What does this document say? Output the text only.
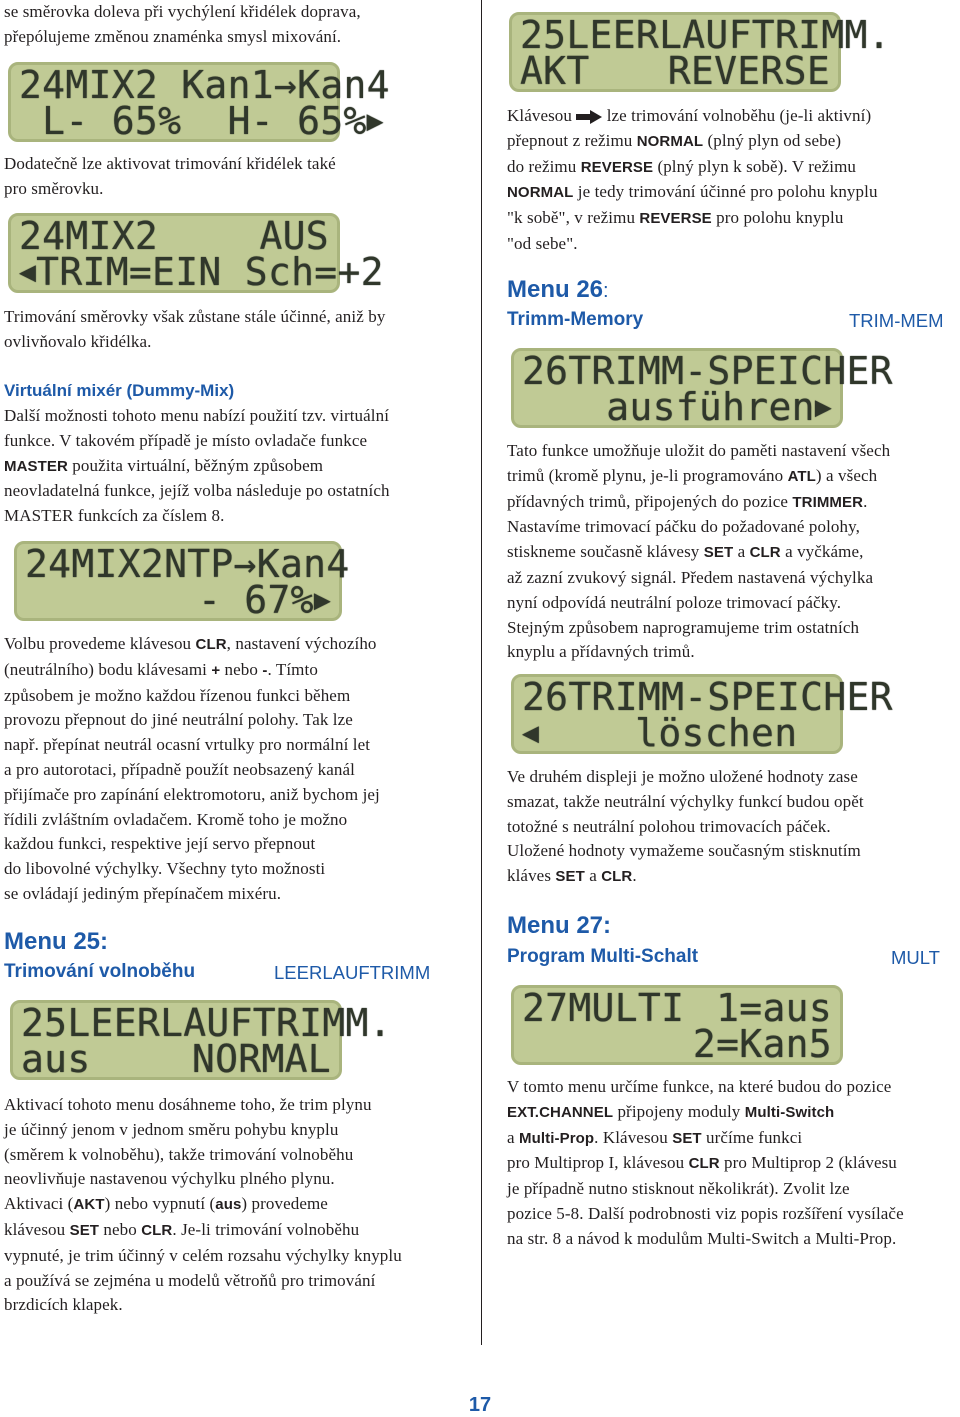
se směrovka doleva při vychýlení křidélek doprava,

přepólujeme změnou znaménka smysl mixování.

24MIX2 Kan1→Kan4
L- 65%  H- 65% ▶

Dodatečně lze aktivovat trimování křidélek také

pro směrovku.

24MIX2	AUS
◀ TRIM=EIN Sch=+2

Trimování směrovky však zůstane stále účinné, aniž by

ovlivňovalo křidélka.

Virtuální mixér (Dummy-Mix)

Další možnosti tohoto menu nabízí použití tzv. virtuální

funkce. V takovém případě je místo ovladače funkce

MASTER použita virtuální, běžným způsobem

neovladatelná funkce, jejíž volba následuje po ostatních

MASTER funkcích za číslem 8.

24MIX2 NTP→Kan4
- 67% ▶

Volbu provedeme klávesou CLR, nastavení výchozího

(neutrálního) bodu klávesami + nebo -. Tímto

způsobem je možno každou řízenou funkci během

provozu přepnout do jiné neutrální polohy. Tak lze

např. přepínat neutrál ocasní vrtulky pro normální let

a pro autorotaci, případně použít neobsazený kanál

přijímače pro zapínání elektromotoru, aniž bychom jej

řídili zvláštním ovladačem. Kromě toho je možno

každou funkci, respektive její servo přepnout

do libovolné výchylky. Všechny tyto možnosti

se ovládají jediným přepínačem mixéru.

Menu 25:
Trimování volnoběhu	LEERLAUFTRIMM
25LEERLAUFTRIMM.
aus	NORMAL

Aktivací tohoto menu dosáhneme toho, že trim plynu

je účinný jenom v jednom směru pohybu knyplu

(směrem k volnoběhu), takže trimování volnoběhu

neovlivňuje nastavenou výchylku plného plynu.

Aktivaci (AKT) nebo vypnutí (aus) provedeme

klávesou SET nebo CLR. Je-li trimování volnoběhu

vypnuté, je trim účinný v celém rozsahu výchylky knyplu

a používá se zejména u modelů větroňů pro trimování

brzdicích klapek.

25LEERLAUFTRIMM.
AKT REVERSE

Klávesou  lze trimování volnoběhu (je-li aktivní)

přepnout z režimu NORMAL (plný plyn od sebe)

do režimu REVERSE (plný plyn k sobě). V režimu

NORMAL je tedy trimování účinné pro polohu knyplu

"k sobě", v režimu REVERSE pro polohu knyplu

"od sebe".

Menu 26:
Trimm-Memory	TRIM-MEM
26TRIMM-SPEICHER
ausführen ▶

Tato funkce umožňuje uložit do paměti nastavení všech

trimů (kromě plynu, je-li programováno ATL) a všech

přídavných trimů, připojených do pozice TRIMMER.

Nastavíme trimovací páčku do požadované polohy,

stiskneme současně klávesy SET a CLR a vyčkáme,

až zazní zvukový signál. Předem nastavená výchylka

nyní odpovídá neutrální poloze trimovací páčky.

Stejným způsobem naprogramujeme trim ostatních

knyplu a přídavných trimů.

26TRIMM-SPEICHER
◀	löschen

Ve druhém displeji je možno uložené hodnoty zase

smazat, takže neutrální výchylky funkcí budou opět

totožné s neutrální polohou trimovacích páček.

Uložené hodnoty vymažeme současným stisknutím

kláves SET a CLR.

Menu 27:
Program Multi-Schalt	MULT
27MULTI 1=aus
2=Kan5

V tomto menu určíme funkce, na které budou do pozice

EXT.CHANNEL připojeny moduly Multi-Switch

a Multi-Prop. Klávesou SET určíme funkci

pro Multiprop I, klávesou CLR pro Multiprop 2 (klávesu

je případně nutno stisknout několikrát). Zvolit lze

pozice 5-8. Další podrobnosti viz popis rozšíření vysílače

na str. 8 a návod k modulům Multi-Switch a Multi-Prop.

17
